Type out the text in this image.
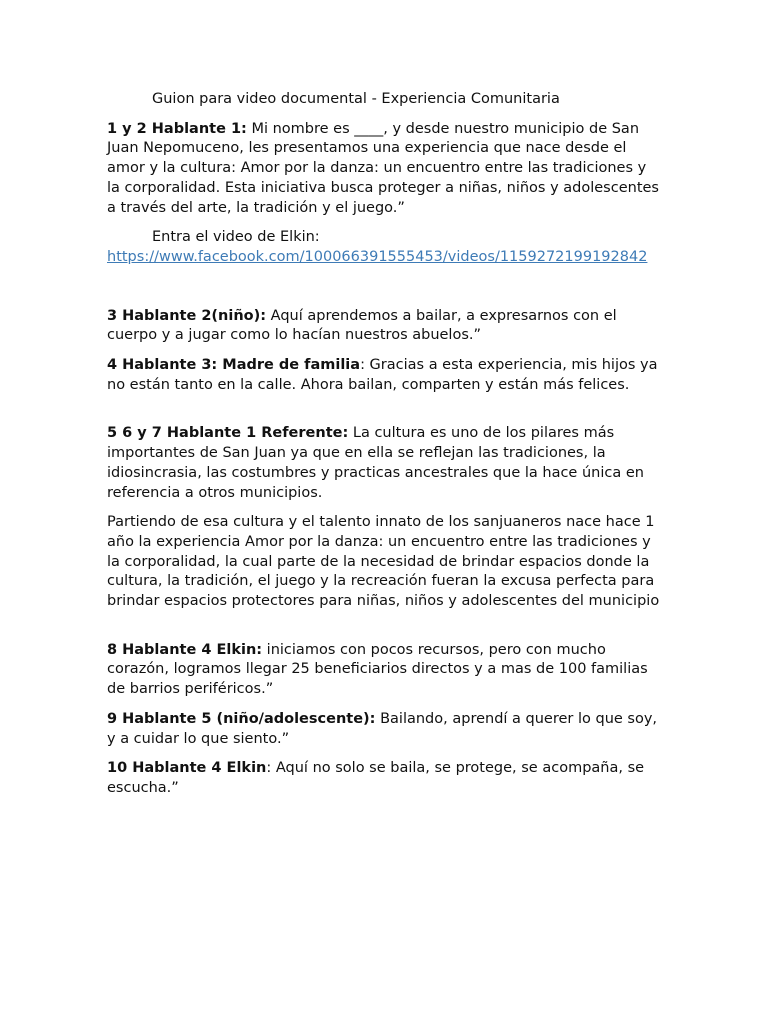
Guion para video documental - Experiencia Comunitaria

1 y 2 Hablante 1: Mi nombre es ____, y desde nuestro municipio de San Juan Nepomuceno, les presentamos una experiencia que nace desde el amor y la cultura: Amor por la danza: un encuentro entre las tradiciones y la corporalidad. Esta iniciativa busca proteger a niñas, niños y adolescentes a través del arte, la tradición y el juego.”

Entra el video de Elkin:

https://www.facebook.com/100066391555453/videos/1159272199192842

3 Hablante 2(niño): Aquí aprendemos a bailar, a expresarnos con el cuerpo y a jugar como lo hacían nuestros abuelos.”

4 Hablante 3: Madre de familia: Gracias a esta experiencia, mis hijos ya no están tanto en la calle. Ahora bailan, comparten y están más felices.

5 6 y 7 Hablante 1 Referente: La cultura es uno de los pilares más importantes de San Juan ya que en ella se reflejan las tradiciones, la idiosincrasia, las costumbres y practicas ancestrales que la hace única en referencia a otros municipios.

Partiendo de esa cultura y el talento innato de los sanjuaneros nace hace 1 año la experiencia Amor por la danza: un encuentro entre las tradiciones y la corporalidad, la cual parte de la necesidad de brindar espacios donde la cultura, la tradición, el juego y la recreación fueran la excusa perfecta para brindar espacios protectores para niñas, niños y adolescentes del municipio

8 Hablante 4 Elkin: iniciamos con pocos recursos, pero con mucho corazón, logramos llegar 25 beneficiarios directos y a mas de 100 familias de barrios periféricos.”

9 Hablante 5 (niño/adolescente): Bailando, aprendí a querer lo que soy, y a cuidar lo que siento.”

10 Hablante 4 Elkin: Aquí no solo se baila, se protege, se acompaña, se escucha.”
